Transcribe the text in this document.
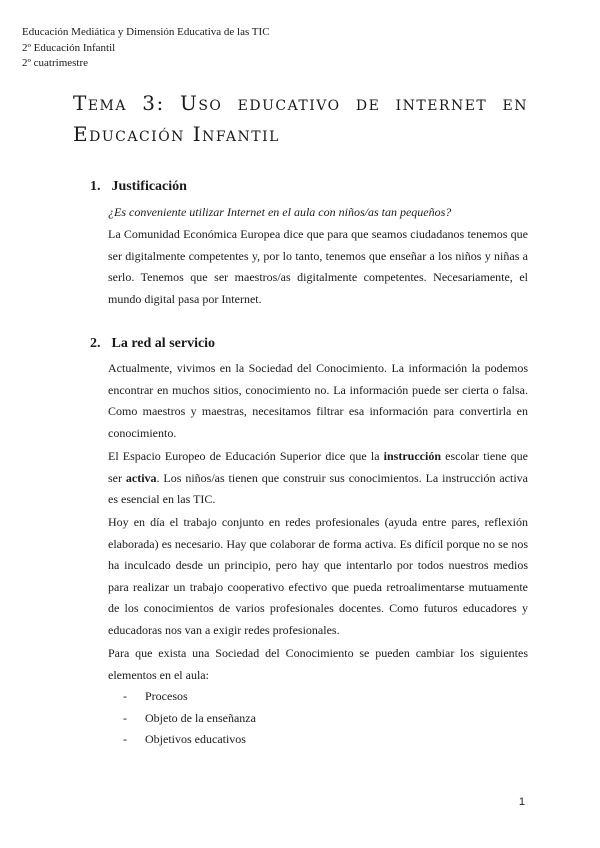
Educación Mediática y Dimensión Educativa de las TIC
2º Educación Infantil
2º cuatrimestre
Tema 3: Uso educativo de internet en Educación Infantil
1. Justificación

¿Es conveniente utilizar Internet en el aula con niños/as tan pequeños?

La Comunidad Económica Europea dice que para que seamos ciudadanos tenemos que ser digitalmente competentes y, por lo tanto, tenemos que enseñar a los niños y niñas a serlo. Tenemos que ser maestros/as digitalmente competentes. Necesariamente, el mundo digital pasa por Internet.

2. La red al servicio

Actualmente, vivimos en la Sociedad del Conocimiento. La información la podemos encontrar en muchos sitios, conocimiento no. La información puede ser cierta o falsa. Como maestros y maestras, necesitamos filtrar esa información para convertirla en conocimiento.

El Espacio Europeo de Educación Superior dice que la instrucción escolar tiene que ser activa. Los niños/as tienen que construir sus conocimientos. La instrucción activa es esencial en las TIC.

Hoy en día el trabajo conjunto en redes profesionales (ayuda entre pares, reflexión elaborada) es necesario. Hay que colaborar de forma activa. Es difícil porque no se nos ha inculcado desde un principio, pero hay que intentarlo por todos nuestros medios para realizar un trabajo cooperativo efectivo que pueda retroalimentarse mutuamente de los conocimientos de varios profesionales docentes. Como futuros educadores y educadoras nos van a exigir redes profesionales.

Para que exista una Sociedad del Conocimiento se pueden cambiar los siguientes elementos en el aula:

- Procesos
- Objeto de la enseñanza
- Objetivos educativos
1
